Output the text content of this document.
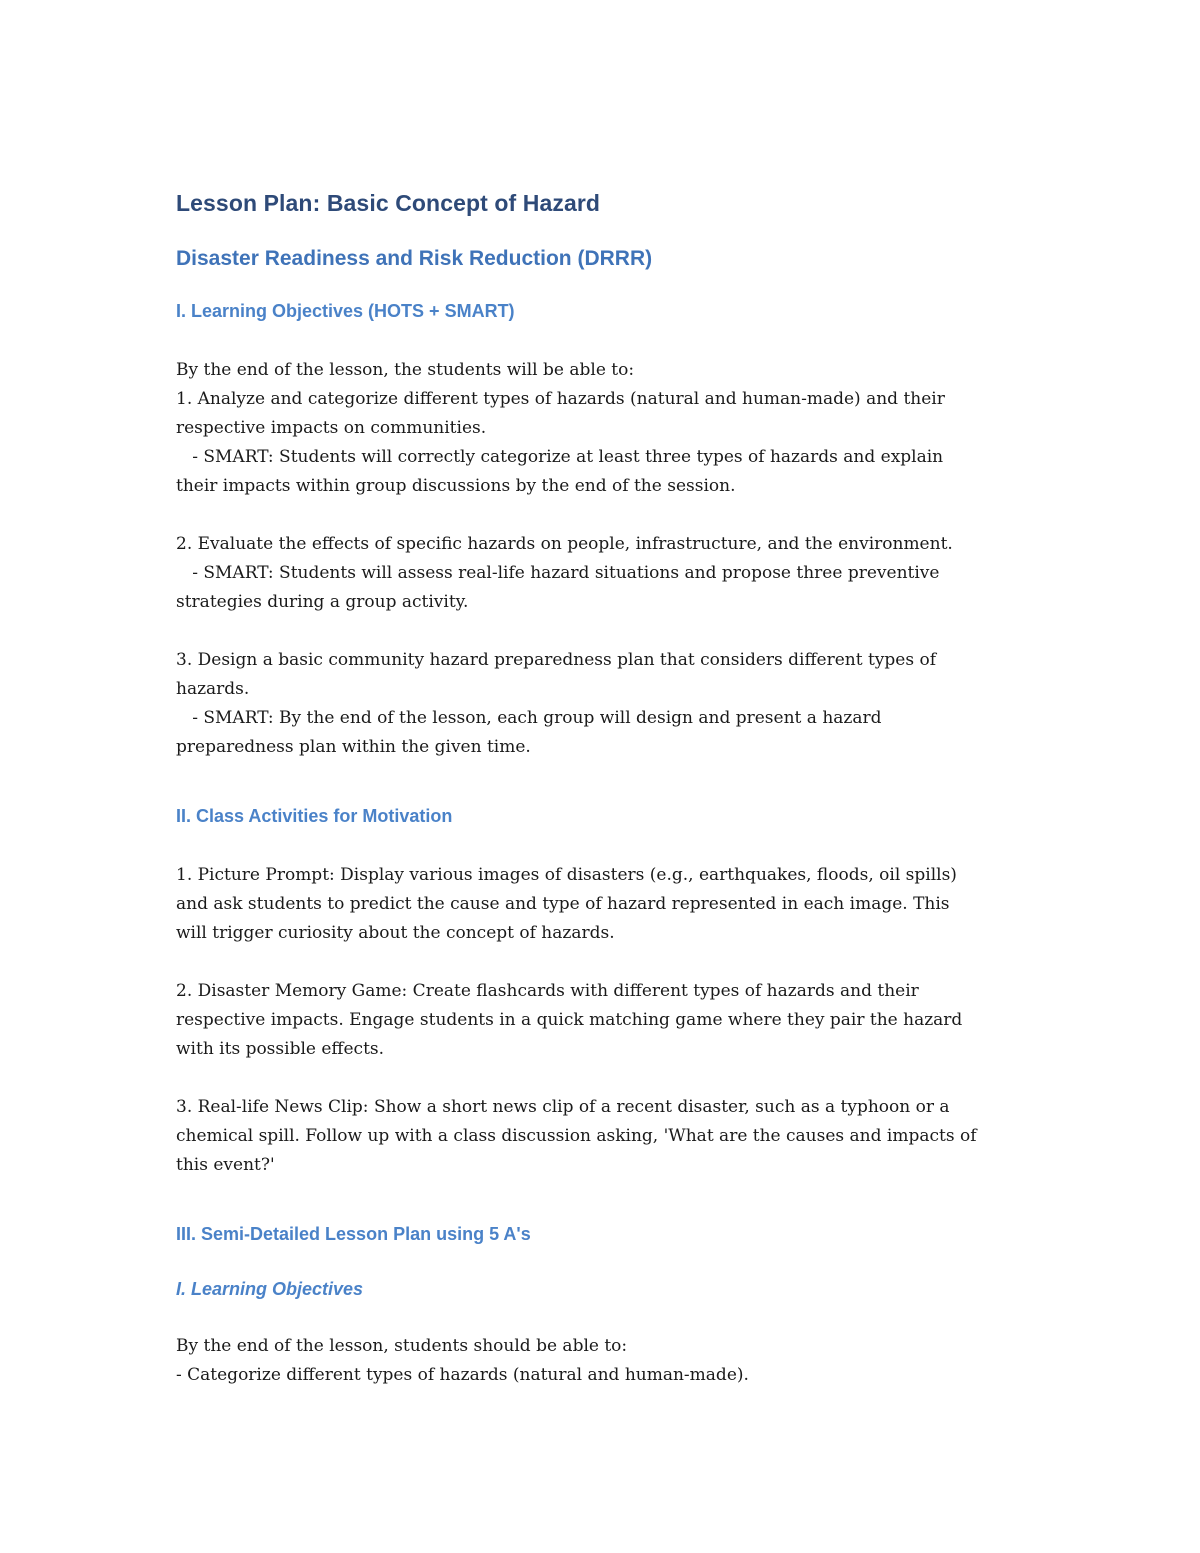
Lesson Plan: Basic Concept of Hazard
Disaster Readiness and Risk Reduction (DRRR)
I. Learning Objectives (HOTS + SMART)

By the end of the lesson, the students will be able to:

1. Analyze and categorize different types of hazards (natural and human-made) and their

respective impacts on communities.

- SMART: Students will correctly categorize at least three types of hazards and explain

their impacts within group discussions by the end of the session.

2. Evaluate the effects of specific hazards on people, infrastructure, and the environment.

- SMART: Students will assess real-life hazard situations and propose three preventive

strategies during a group activity.

3. Design a basic community hazard preparedness plan that considers different types of

hazards.

- SMART: By the end of the lesson, each group will design and present a hazard

preparedness plan within the given time.

II. Class Activities for Motivation

1. Picture Prompt: Display various images of disasters (e.g., earthquakes, floods, oil spills)

and ask students to predict the cause and type of hazard represented in each image. This

will trigger curiosity about the concept of hazards.

2. Disaster Memory Game: Create flashcards with different types of hazards and their

respective impacts. Engage students in a quick matching game where they pair the hazard

with its possible effects.

3. Real-life News Clip: Show a short news clip of a recent disaster, such as a typhoon or a

chemical spill. Follow up with a class discussion asking, 'What are the causes and impacts of

this event?'

III. Semi-Detailed Lesson Plan using 5 A's
I. Learning Objectives

By the end of the lesson, students should be able to:

- Categorize different types of hazards (natural and human-made).
